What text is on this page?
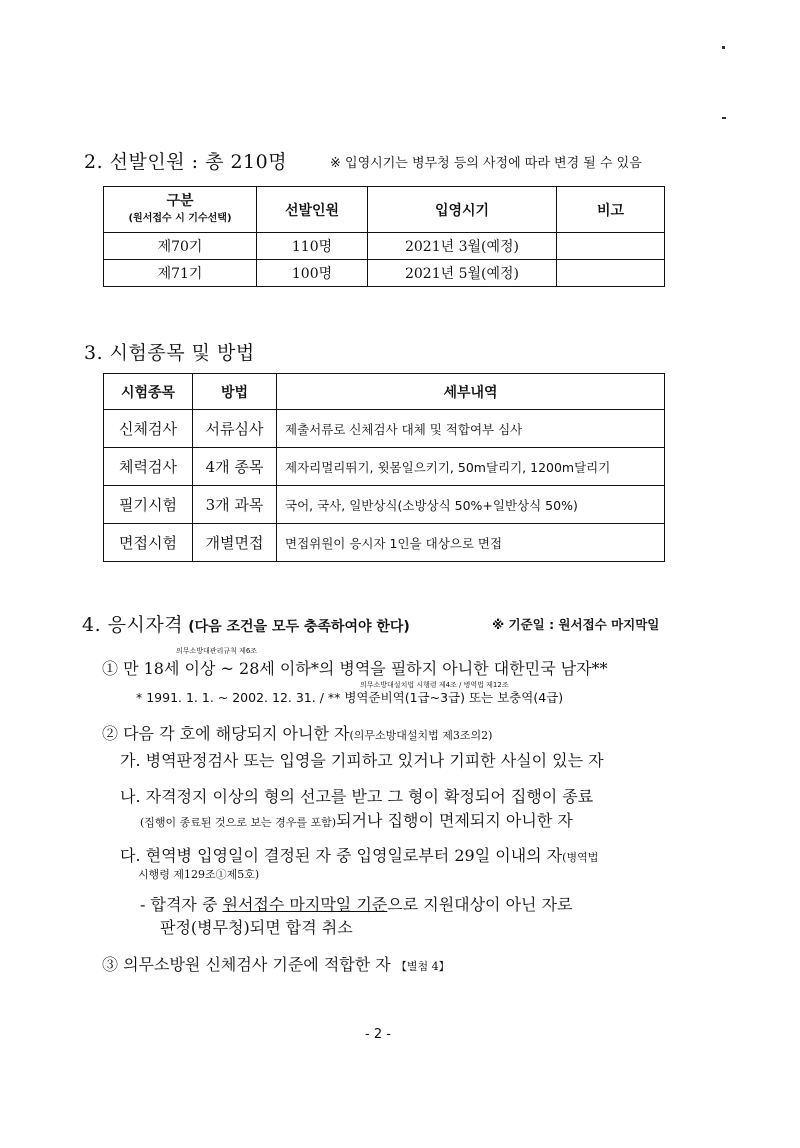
2. 선발인원 : 총 210명	※ 입영시기는 병무청 등의 사정에 따라 변경 될 수 있음
구분
(원서접수 시 기수선택)	선발인원	입영시기	비고
제70기	110명	2021년 3월(예정)	
제71기	100명	2021년 5월(예정)	
3. 시험종목 및 방법
시험종목	방법	세부내역
신체검사	서류심사	제출서류로 신체검사 대체 및 적합여부 심사
체력검사	4개 종목	제자리멀리뛰기, 윗몸일으키기, 50m달리기, 1200m달리기
필기시험	3개 과목	국어, 국사, 일반상식(소방상식 50%+일반상식 50%)
면접시험	개별면접	면접위원이 응시자 1인을 대상으로 면접
4. 응시자격 (다음 조건을 모두 충족하여야 한다)	※ 기준일 : 원서접수 마지막일
의무소방대관리규칙 제6조
① 만 18세 이상 ~ 28세 이하*의 병역을 필하지 아니한 대한민국 남자**
의무소방대설치법 시행령 제4조 / 병역법 제12조
* 1991. 1. 1. ~ 2002. 12. 31. / ** 병역준비역(1급~3급) 또는 보충역(4급)
② 다음 각 호에 해당되지 아니한 자(의무소방대설치법 제3조의2)
가. 병역판정검사 또는 입영을 기피하고 있거나 기피한 사실이 있는 자
나. 자격정지 이상의 형의 선고를 받고 그 형이 확정되어 집행이 종료
(집행이 종료된 것으로 보는 경우를 포함)되거나 집행이 면제되지 아니한 자
다. 현역병 입영일이 결정된 자 중 입영일로부터 29일 이내의 자(병역법
시행령 제129조①제5호)
- 합격자 중 원서접수 마지막일 기준으로 지원대상이 아닌 자로
판정(병무청)되면 합격 취소
③ 의무소방원 신체검사 기준에 적합한 자 【별첨 4】
- 2 -
